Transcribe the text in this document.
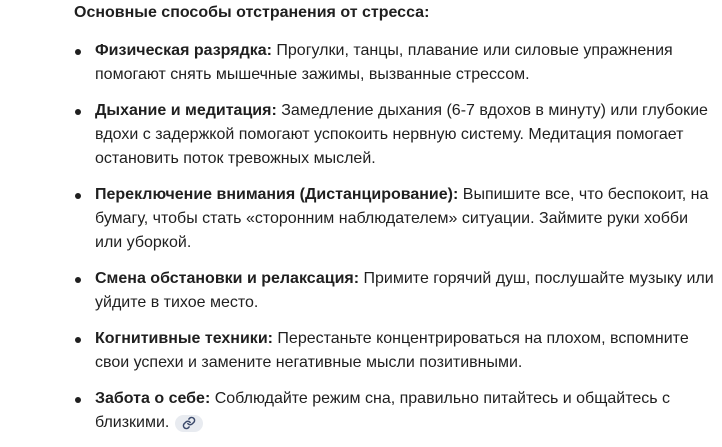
Основные способы отстранения от стресса:

Физическая разрядка: Прогулки, танцы, плавание или силовые упражнения помогают снять мышечные зажимы, вызванные стрессом.
Дыхание и медитация: Замедление дыхания (6-7 вдохов в минуту) или глубокие вдохи с задержкой помогают успокоить нервную систему. Медитация помогает остановить поток тревожных мыслей.
Переключение внимания (Дистанцирование): Выпишите все, что беспокоит, на бумагу, чтобы стать «сторонним наблюдателем» ситуации. Займите руки хобби или уборкой.
Смена обстановки и релаксация: Примите горячий душ, послушайте музыку или уйдите в тихое место.
Когнитивные техники: Перестаньте концентрироваться на плохом, вспомните свои успехи и замените негативные мысли позитивными.
Забота о себе: Соблюдайте режим сна, правильно питайтесь и общайтесь с близкими.
